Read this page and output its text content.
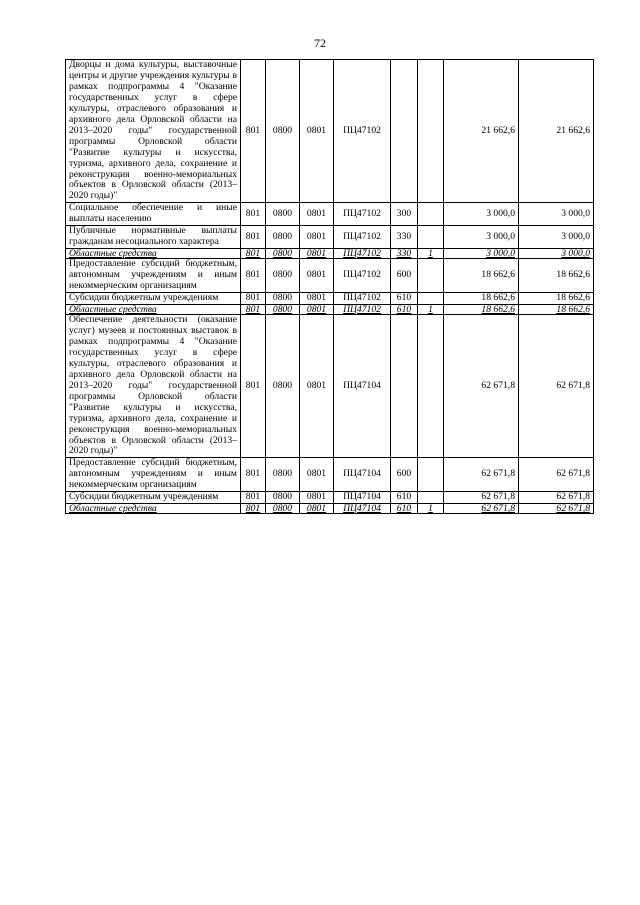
72
Дворцы и дома культуры, выставочные центры и другие учреждения культуры в рамках подпрограммы 4 "Оказание государственных услуг в сфере культуры, отраслевого образования и архивного дела Орловской области на 2013–2020 годы" государственной программы Орловской области "Развитие культуры и искусства, туризма, архивного дела, сохранение и реконструкция военно-мемориальных объектов в Орловской области (2013–2020 годы)"	801	0800	0801	ПЦ47102			21 662,6	21 662,6
Социальное обеспечение и иные выплаты населению	801	0800	0801	ПЦ47102	300		3 000,0	3 000,0
Публичные нормативные выплаты гражданам несоциального характера	801	0800	0801	ПЦ47102	330		3 000,0	3 000,0
Областные средства	801	0800	0801	ПЦ47102	330	1	3 000,0	3 000,0
Предоставление субсидий бюджетным, автономным учреждениям и иным некоммерческим организациям	801	0800	0801	ПЦ47102	600		18 662,6	18 662,6
Субсидии бюджетным учреждениям	801	0800	0801	ПЦ47102	610		18 662,6	18 662,6
Областные средства	801	0800	0801	ПЦ47102	610	1	18 662,6	18 662,6
Обеспечение деятельности (оказание услуг) музеев и постоянных выставок в рамках подпрограммы 4 "Оказание государственных услуг в сфере культуры, отраслевого образования и архивного дела Орловской области на 2013–2020 годы" государственной программы Орловской области "Развитие культуры и искусства, туризма, архивного дела, сохранение и реконструкция военно-мемориальных объектов в Орловской области (2013–2020 годы)"	801	0800	0801	ПЦ47104			62 671,8	62 671,8
Предоставление субсидий бюджетным, автономным учреждениям и иным некоммерческим организациям	801	0800	0801	ПЦ47104	600		62 671,8	62 671,8
Субсидии бюджетным учреждениям	801	0800	0801	ПЦ47104	610		62 671,8	62 671,8
Областные средства	801	0800	0801	ПЦ47104	610	1	62 671,8	62 671,8
